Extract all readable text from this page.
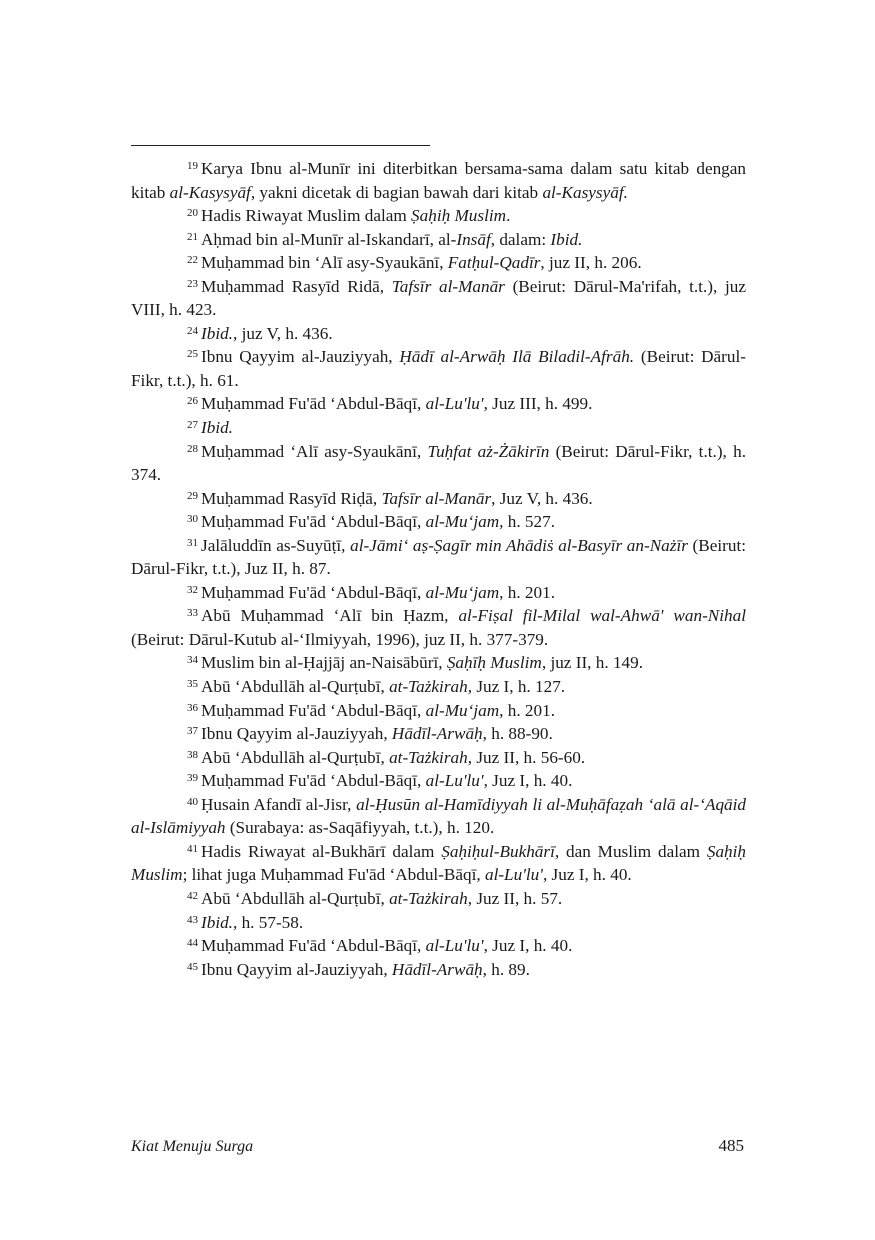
$^{19}$ Karya Ibnu al-Munīr ini diterbitkan bersama-sama dalam satu kitab dengan kitab al-Kasysyāf, yakni dicetak di bagian bawah dari kitab al-Kasysyāf.

$^{20}$ Hadis Riwayat Muslim dalam Ṣaḥiḥ Muslim.

$^{21}$ Aḥmad bin al-Munīr al-Iskandarī, al-Insāf, dalam: Ibid.

$^{22}$ Muḥammad bin ‘Alī asy-Syaukānī, Fatḥul-Qadīr, juz II, h. 206.

$^{23}$ Muḥammad Rasyīd Ridā, Tafsīr al-Manār (Beirut: Dārul-Ma'rifah, t.t.), juz VIII, h. 423.

$^{24}$ Ibid., juz V, h. 436.

$^{25}$ Ibnu Qayyim al-Jauziyyah, Ḥādī al-Arwāḥ Ilā Biladil-Afrāh. (Beirut: Dārul-Fikr, t.t.), h. 61.

$^{26}$ Muḥammad Fu'ād ‘Abdul-Bāqī, al-Lu'lu', Juz III, h. 499.

$^{27}$ Ibid.

$^{28}$ Muḥammad ‘Alī asy-Syaukānī, Tuḥfat aż-Żākirīn (Beirut: Dārul-Fikr, t.t.), h. 374.

$^{29}$ Muḥammad Rasyīd Riḍā, Tafsīr al-Manār, Juz V, h. 436.

$^{30}$ Muḥammad Fu'ād ‘Abdul-Bāqī, al-Mu‘jam, h. 527.

$^{31}$ Jalāluddīn as-Suyūṭī, al-Jāmi‘ aṣ-Ṣagīr min Ahādiṡ al-Basyīr an-Nażīr (Beirut: Dārul-Fikr, t.t.), Juz II, h. 87.

$^{32}$ Muḥammad Fu'ād ‘Abdul-Bāqī, al-Mu‘jam, h. 201.

$^{33}$ Abū Muḥammad ‘Alī bin Ḥazm, al-Fiṣal fil-Milal wal-Ahwā' wan-Nihal (Beirut: Dārul-Kutub al-‘Ilmiyyah, 1996), juz II, h. 377-379.

$^{34}$ Muslim bin al-Ḥajjāj an-Naisābūrī, Ṣaḥīḥ Muslim, juz II, h. 149.

$^{35}$ Abū ‘Abdullāh al-Qurṭubī, at-Tażkirah, Juz I, h. 127.

$^{36}$ Muḥammad Fu'ād ‘Abdul-Bāqī, al-Mu‘jam, h. 201.

$^{37}$ Ibnu Qayyim al-Jauziyyah, Hādīl-Arwāḥ, h. 88-90.

$^{38}$ Abū ‘Abdullāh al-Qurṭubī, at-Tażkirah, Juz II, h. 56-60.

$^{39}$ Muḥammad Fu'ād ‘Abdul-Bāqī, al-Lu'lu', Juz I, h. 40.

$^{40}$ Ḥusain Afandī al-Jisr, al-Ḥusūn al-Hamīdiyyah li al-Muḥāfaẓah ‘alā al-‘Aqāid al-Islāmiyyah (Surabaya: as-Saqāfiyyah, t.t.), h. 120.

$^{41}$ Hadis Riwayat al-Bukhārī dalam Ṣaḥiḥul-Bukhārī, dan Muslim dalam Ṣaḥiḥ Muslim; lihat juga Muḥammad Fu'ād ‘Abdul-Bāqī, al-Lu'lu', Juz I, h. 40.

$^{42}$ Abū ‘Abdullāh al-Qurṭubī, at-Tażkirah, Juz II, h. 57.

$^{43}$ Ibid., h. 57-58.

$^{44}$ Muḥammad Fu'ād ‘Abdul-Bāqī, al-Lu'lu', Juz I, h. 40.

$^{45}$ Ibnu Qayyim al-Jauziyyah, Hādīl-Arwāḥ, h. 89.

Kiat Menuju Surga	485
